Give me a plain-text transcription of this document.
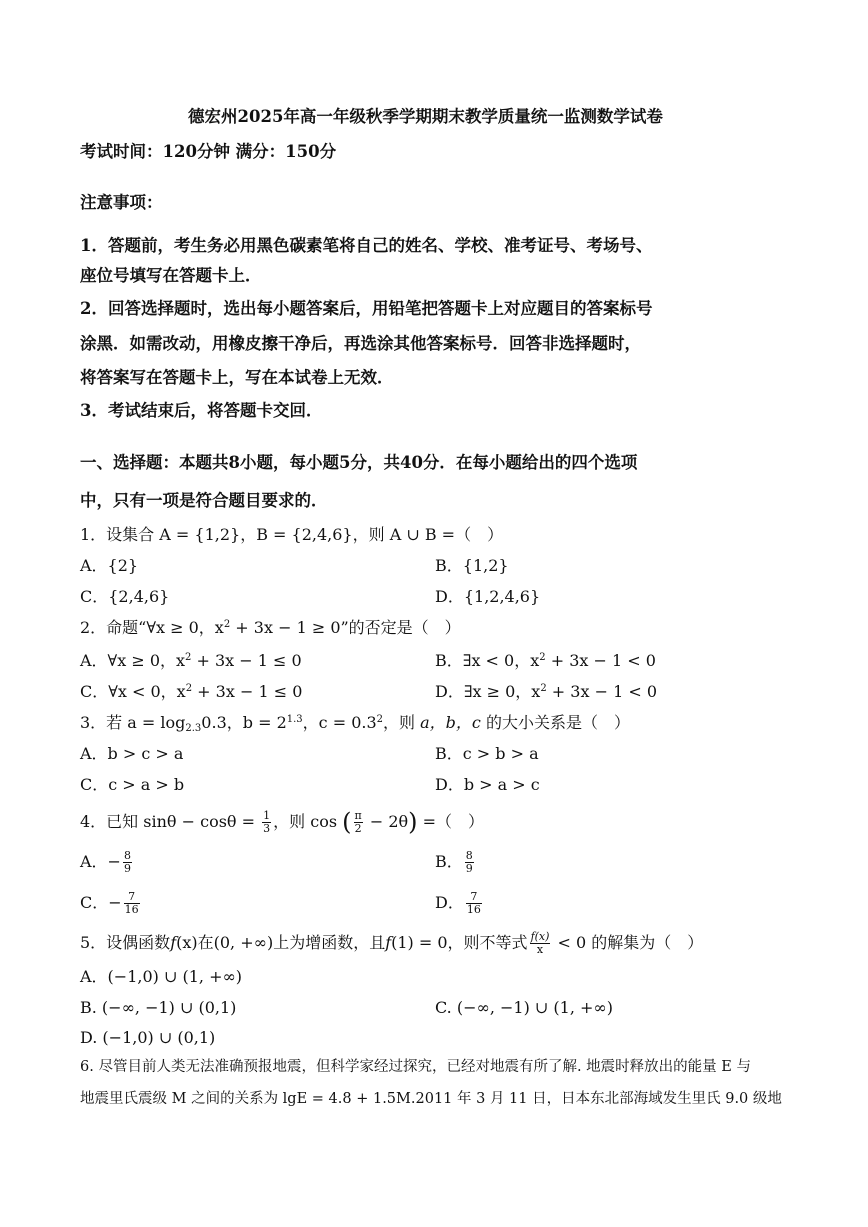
德宏州2025年高一年级秋季学期期末教学质量统一监测数学试卷
考试时间：120分钟 满分：150分
注意事项：
1．答题前，考生务必用黑色碳素笔将自己的姓名、学校、准考证号、考场号、
座位号填写在答题卡上．
2．回答选择题时，选出每小题答案后，用铅笔把答题卡上对应题目的答案标号
涂黑．如需改动，用橡皮擦干净后，再选涂其他答案标号．回答非选择题时，
将答案写在答题卡上，写在本试卷上无效．
3．考试结束后，将答题卡交回．
一、选择题：本题共8小题，每小题5分，共40分．在每小题给出的四个选项
中，只有一项是符合题目要求的．
1．设集合 A = {1,2}，B = {2,4,6}，则 A ∪ B =（　）
A．{2}	B．{1,2}
C．{2,4,6}	D．{1,2,4,6}
2．命题“∀x ≥ 0，$x^2 + 3x - 1 \ge 0$”的否定是（　）
A．∀x ≥ 0，$x^2 + 3x - 1 \le 0$	B．∃x < 0，$x^2 + 3x - 1 < 0$
C．∀x < 0，$x^2 + 3x - 1 \le 0$	D．∃x ≥ 0，$x^2 + 3x - 1 < 0$
3．若 $a = \log_{2.3}0.3$，$b = 2^{1.3}$，$c = 0.3^2$，则 a，b，c 的大小关系是（　）
A．b > c > a	B．c > b > a
C．c > a > b	D．b > a > c
4．已知 $\sin\theta - \cos\theta = \frac{1}{3}$ ，则 cos ( $\frac{\pi}{2} - 2\theta$) =（　）
A．− $\frac{8}{9}$	B． $\frac{8}{9}$
C．− $\frac{7}{16}$	D． $\frac{7}{16}$
5．设偶函数f(x)在(0, +∞)上为增函数，且f(1) = 0，则不等式 $\frac{f(x)}{x} < 0$ 的解集为（　）
A．(−1,0) ∪ (1, +∞)
B. (−∞, −1) ∪ (0,1)	C. (−∞, −1) ∪ (1, +∞)
D. (−1,0) ∪ (0,1)
6. 尽管目前人类无法准确预报地震，但科学家经过探究，已经对地震有所了解. 地震时释放出的能量 E 与
地震里氏震级 M 之间的关系为 lgE = 4.8 + 1.5M.2011 年 3 月 11 日，日本东北部海域发生里氏 9.0 级地
